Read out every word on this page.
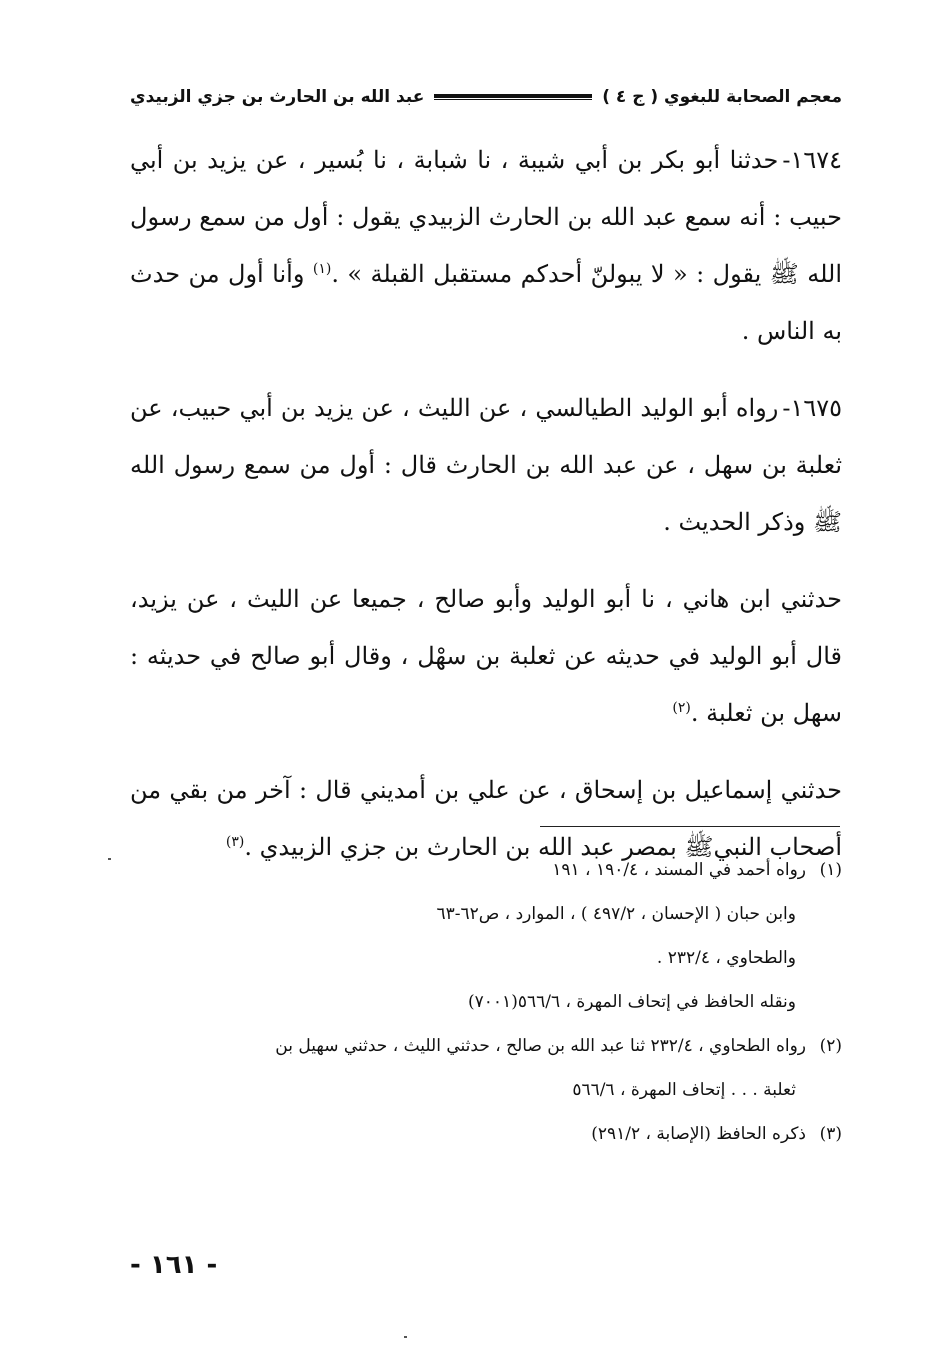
معجم الصحابة للبغوي ( ج ٤ )
عبد الله بن الحارث بن جزي الزبيدي

١٦٧٤-حدثنا أبو بكر بن أبي شيبة ، نا شبابة ، نا بُسير ، عن يزيد بن أبي حبيب : أنه سمع عبد الله بن الحارث الزبيدي يقول : أول من سمع رسول الله ﷺ يقول : « لا يبولنّ أحدكم مستقبل القبلة » .$^{(١)}$ وأنا أول من حدث به الناس .

١٦٧٥-رواه أبو الوليد الطيالسي ، عن الليث ، عن يزيد بن أبي حبيب، عن ثعلبة بن سهل ، عن عبد الله بن الحارث قال : أول من سمع رسول الله ﷺ وذكر الحديث .

حدثني ابن هاني ، نا أبو الوليد وأبو صالح ، جميعا عن الليث ، عن يزيد، قال أبو الوليد في حديثه عن ثعلبة بن سهْل ، وقال أبو صالح في حديثه : سهل بن ثعلبة .$^{(٢)}$

حدثني إسماعيل بن إسحاق ، عن علي بن أمديني قال : آخر من بقي من أصحاب النبيﷺ بمصر عبد الله بن الحارث بن جزي الزبيدي .$^{(٣)}$

(١)رواه أحمد في المسند ، ١٩٠/٤ ، ١٩١
وابن حبان ( الإحسان ، ٤٩٧/٢ ) ، الموارد ، ص٦٢-٦٣
والطحاوي ، ٢٣٢/٤ .
ونقله الحافظ في إتحاف المهرة ، ٥٦٦/٦(٧٠٠١)
(٢)رواه الطحاوي ، ٢٣٢/٤ ثنا عبد الله بن صالح ، حدثني الليث ، حدثني سهيل بن
ثعلبة . . . إتحاف المهرة ، ٥٦٦/٦
(٣)ذكره الحافظ (الإصابة ، ٢٩١/٢)
- ١٦١ -
